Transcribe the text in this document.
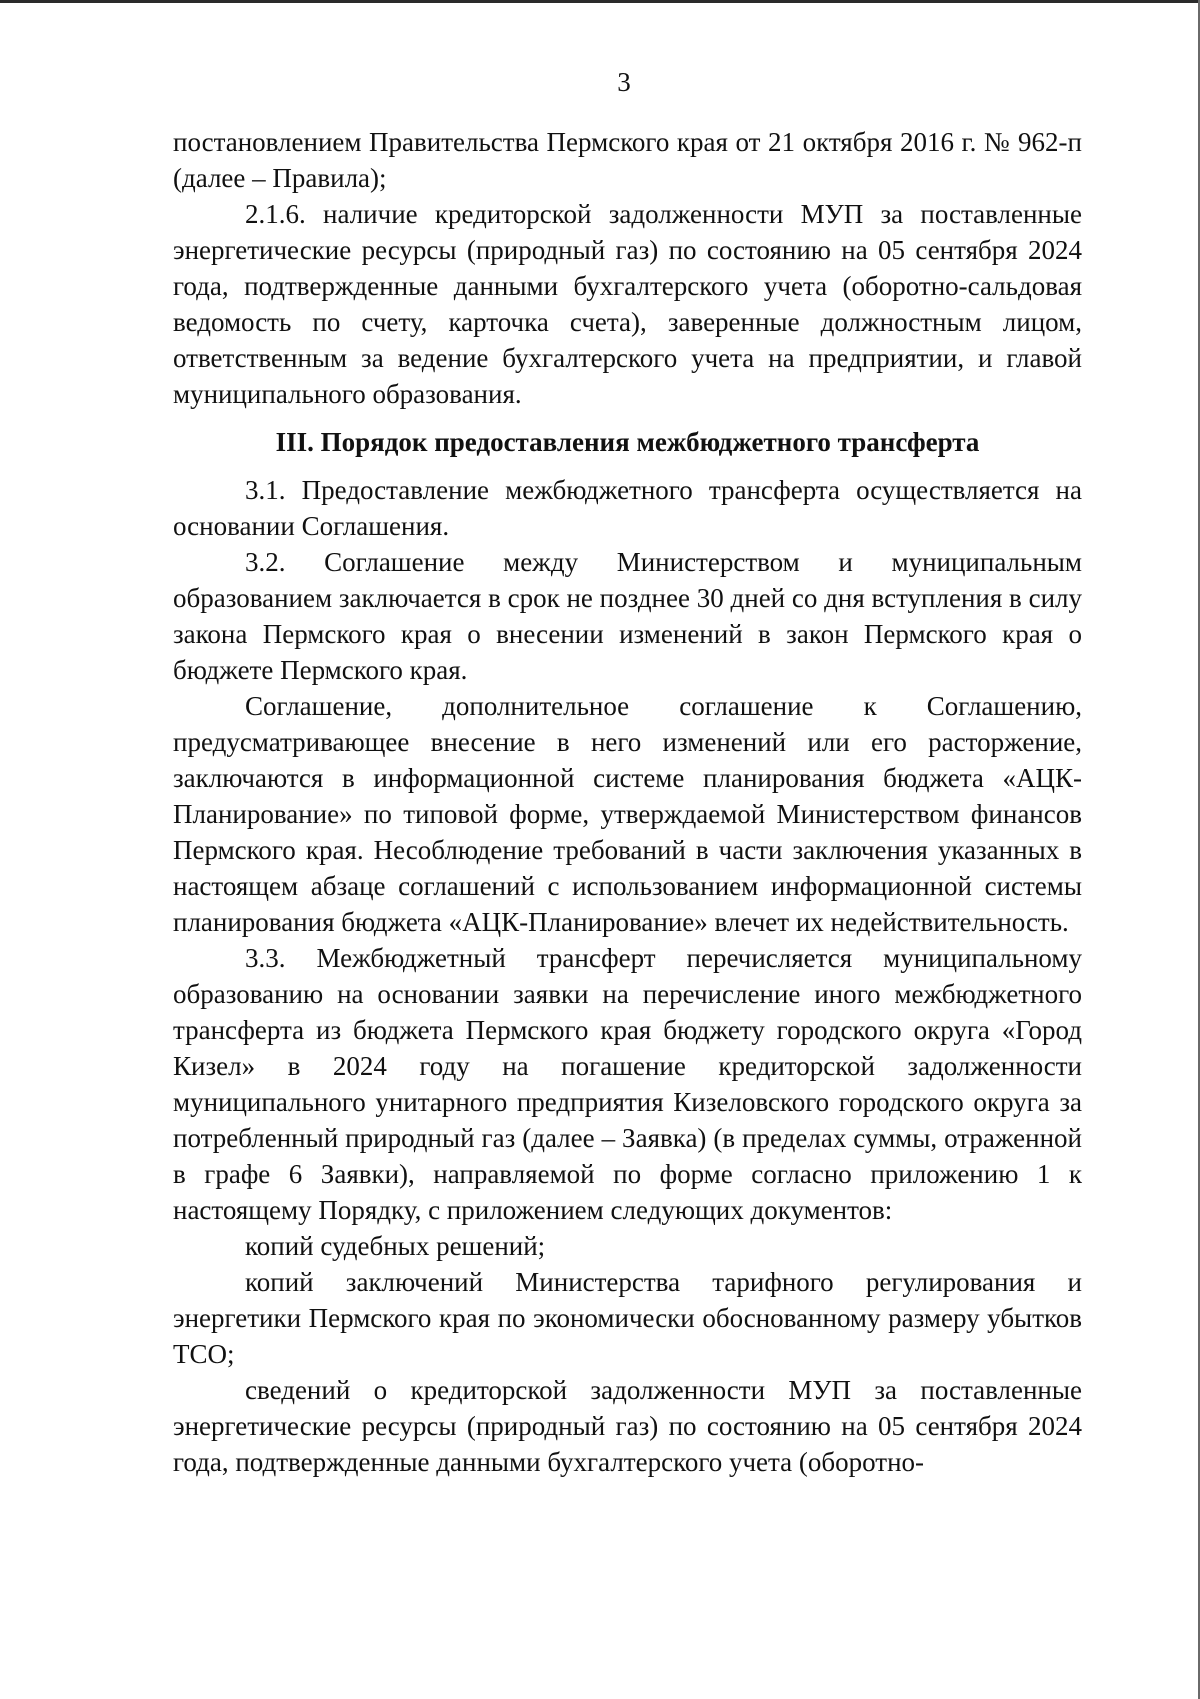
3

постановлением Правительства Пермского края от 21 октября 2016 г. № 962-п (далее – Правила);

2.1.6. наличие кредиторской задолженности МУП за поставленные энергетические ресурсы (природный газ) по состоянию на 05 сентября 2024 года, подтвержденные данными бухгалтерского учета (оборотно-сальдовая ведомость по счету, карточка счета), заверенные должностным лицом, ответственным за ведение бухгалтерского учета на предприятии, и главой муниципального образования.

III. Порядок предоставления межбюджетного трансферта

3.1. Предоставление межбюджетного трансферта осуществляется на основании Соглашения.

3.2. Соглашение между Министерством и муниципальным образованием заключается в срок не позднее 30 дней со дня вступления в силу закона Пермского края о внесении изменений в закон Пермского края о бюджете Пермского края.

Соглашение, дополнительное соглашение к Соглашению, предусматривающее внесение в него изменений или его расторжение, заключаются в информационной системе планирования бюджета «АЦК-Планирование» по типовой форме, утверждаемой Министерством финансов Пермского края. Несоблюдение требований в части заключения указанных в настоящем абзаце соглашений с использованием информационной системы планирования бюджета «АЦК-Планирование» влечет их недействительность.

3.3. Межбюджетный трансферт перечисляется муниципальному образованию на основании заявки на перечисление иного межбюджетного трансферта из бюджета Пермского края бюджету городского округа «Город Кизел» в 2024 году на погашение кредиторской задолженности муниципального унитарного предприятия Кизеловского городского округа за потребленный природный газ (далее – Заявка) (в пределах суммы, отраженной в графе 6 Заявки), направляемой по форме согласно приложению 1 к настоящему Порядку, с приложением следующих документов:

копий судебных решений;

копий заключений Министерства тарифного регулирования и энергетики Пермского края по экономически обоснованному размеру убытков ТСО;

сведений о кредиторской задолженности МУП за поставленные энергетические ресурсы (природный газ) по состоянию на 05 сентября 2024 года, подтвержденные данными бухгалтерского учета (оборотно-
